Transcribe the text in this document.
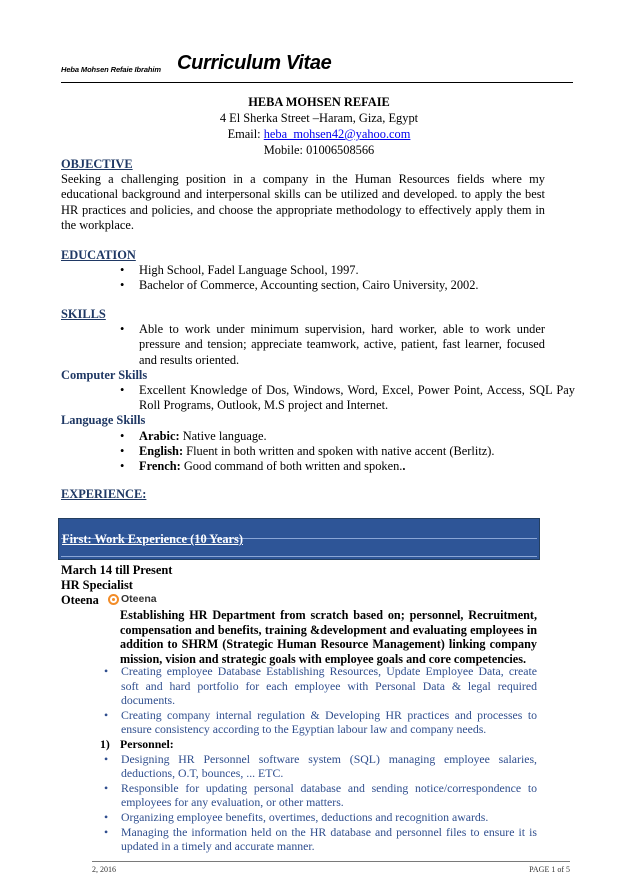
Heba Mohsen Refaie Ibrahim Curriculum Vitae
HEBA MOHSEN REFAIE
4 El Sherka Street –Haram, Giza, Egypt
Email: heba_mohsen42@yahoo.com
Mobile: 01006508566
OBJECTIVE
Seeking a challenging position in a company in the Human Resources fields where my educational background and interpersonal skills can be utilized and developed. to apply the best HR practices and policies, and choose the appropriate methodology to effectively apply them in the workplace.
EDUCATION
• High School, Fadel Language School, 1997.
• Bachelor of Commerce, Accounting section, Cairo University, 2002.
SKILLS
• Able to work under minimum supervision, hard worker, able to work under pressure and tension; appreciate teamwork, active, patient, fast learner, focused and results oriented.
Computer Skills
• Excellent Knowledge of Dos, Windows, Word, Excel, Power Point, Access, SQL Pay Roll Programs, Outlook, M.S project and Internet.
Language Skills
• Arabic: Native language.
• English: Fluent in both written and spoken with native accent (Berlitz).
• French: Good command of both written and spoken..
EXPERIENCE:
First: Work Experience (10 Years)
March 14 till Present
HR Specialist
Oteena Oteena
Establishing HR Department from scratch based on; personnel, Recruitment, compensation and benefits, training &development and evaluating employees in addition to SHRM (Strategic Human Resource Management) linking company mission, vision and strategic goals with employee goals and core competencies.
• Creating employee Database Establishing Resources, Update Employee Data, create soft and hard portfolio for each employee with Personal Data & legal required documents.
• Creating company internal regulation & Developing HR practices and processes to ensure consistency according to the Egyptian labour law and company needs.
1) Personnel:
• Designing HR Personnel software system (SQL) managing employee salaries, deductions, O.T, bounces, ... ETC.
• Responsible for updating personal database and sending notice/correspondence to employees for any evaluation, or other matters.
• Organizing employee benefits, overtimes, deductions and recognition awards.
• Managing the information held on the HR database and personnel files to ensure it is updated in a timely and accurate manner.
2, 2016	PAGE 1 of 5
